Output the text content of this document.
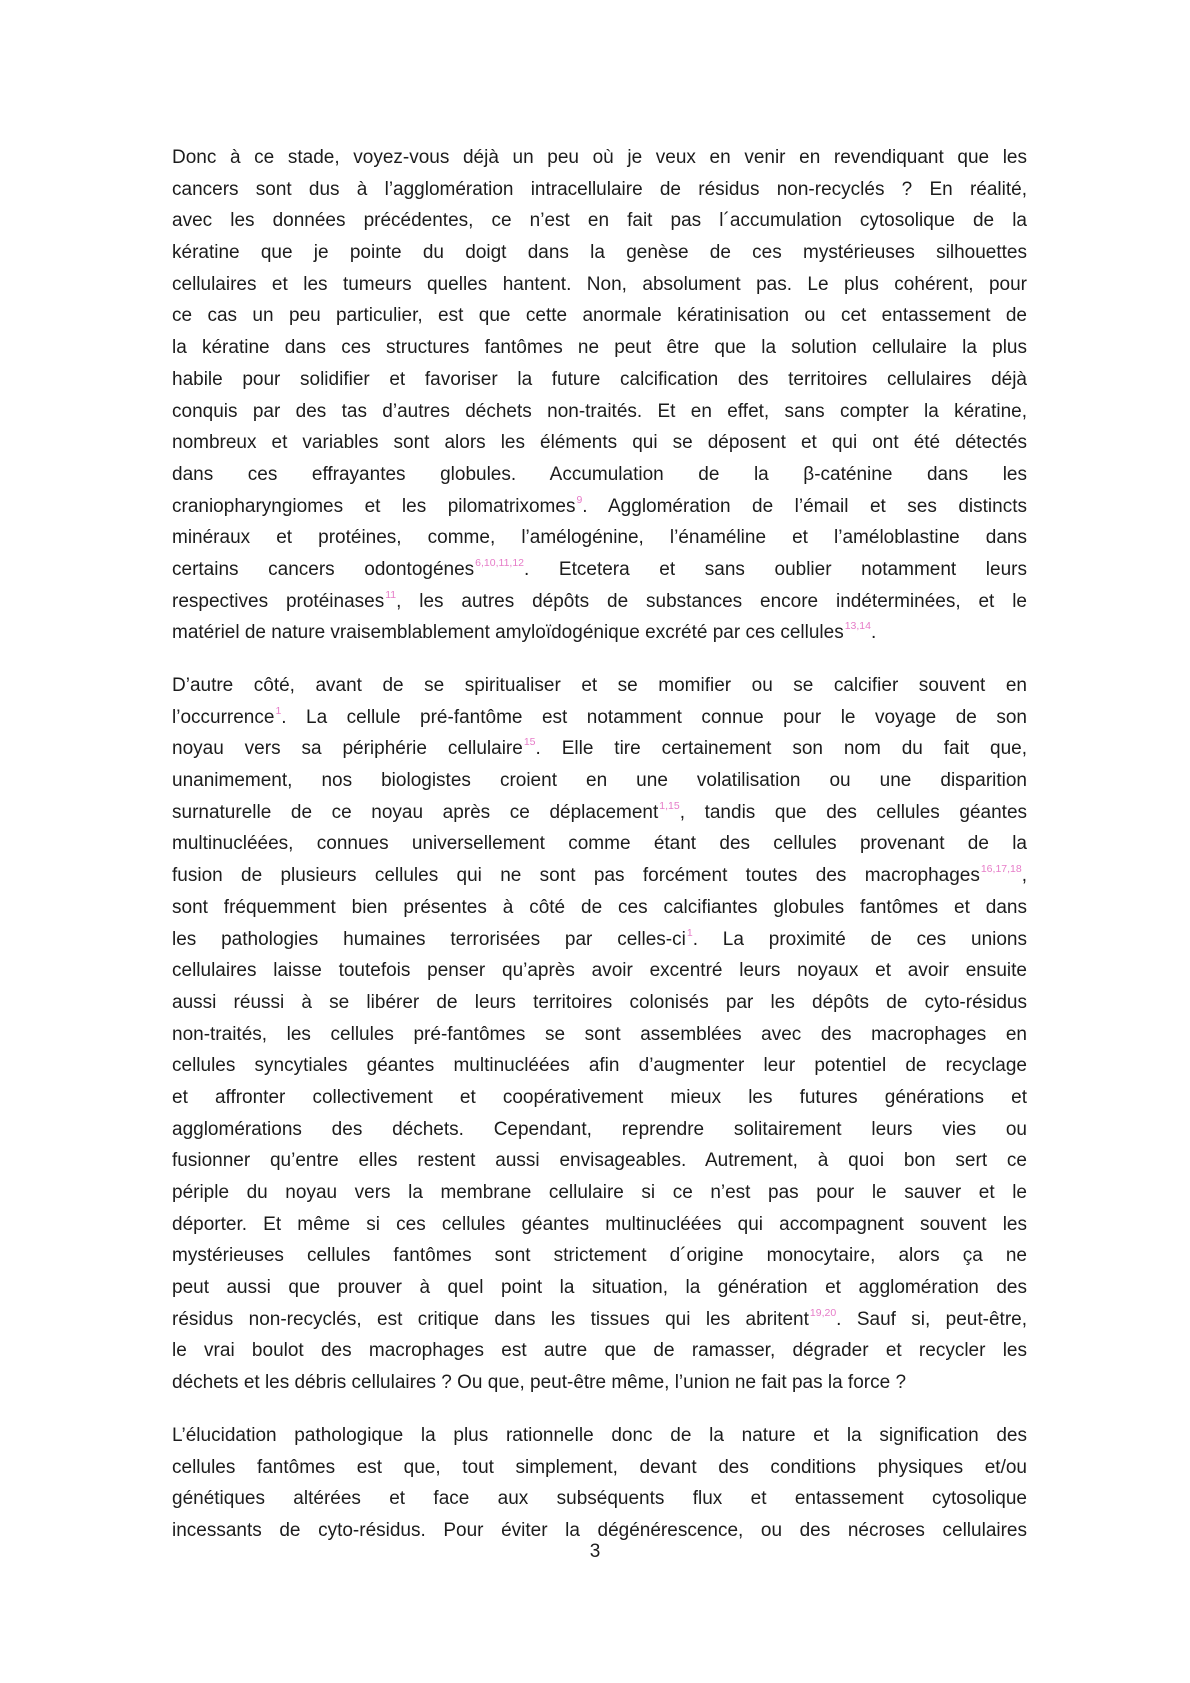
Donc à ce stade, voyez-vous déjà un peu où je veux en venir en revendiquant que les
cancers sont dus à l’agglomération intracellulaire de résidus non-recyclés ? En réalité,
avec les données précédentes, ce n’est en fait pas l´accumulation cytosolique de la
kératine que je pointe du doigt dans la genèse de ces mystérieuses silhouettes
cellulaires et les tumeurs quelles hantent. Non, absolument pas. Le plus cohérent, pour
ce cas un peu particulier, est que cette anormale kératinisation ou cet entassement de
la kératine dans ces structures fantômes ne peut être que la solution cellulaire la plus
habile pour solidifier et favoriser la future calcification des territoires cellulaires déjà
conquis par des tas d’autres déchets non-traités. Et en effet, sans compter la kératine,
nombreux et variables sont alors les éléments qui se déposent et qui ont été détectés
dans ces effrayantes globules. Accumulation de la β-caténine dans les
craniopharyngiomes et les pilomatrixomes$^9$. Agglomération de l’émail et ses distincts
minéraux et protéines, comme, l’amélogénine, l’énaméline et l’améloblastine dans
certains cancers odontogénes$^{6,10,11,12}$. Etcetera et sans oublier notamment leurs
respectives protéinases$^{11}$, les autres dépôts de substances encore indéterminées, et le
matériel de nature vraisemblablement amyloïdogénique excrété par ces cellules$^{13,14}$.
D’autre côté, avant de se spiritualiser et se momifier ou se calcifier souvent en
l’occurrence$^1$. La cellule pré-fantôme est notamment connue pour le voyage de son
noyau vers sa périphérie cellulaire$^{15}$. Elle tire certainement son nom du fait que,
unanimement, nos biologistes croient en une volatilisation ou une disparition
surnaturelle de ce noyau après ce déplacement$^{1,15}$, tandis que des cellules géantes
multinucléées, connues universellement comme étant des cellules provenant de la
fusion de plusieurs cellules qui ne sont pas forcément toutes des macrophages$^{16,17,18}$,
sont fréquemment bien présentes à côté de ces calcifiantes globules fantômes et dans
les pathologies humaines terrorisées par celles-$ci^1$. La proximité de ces unions
cellulaires laisse toutefois penser qu’après avoir excentré leurs noyaux et avoir ensuite
aussi réussi à se libérer de leurs territoires colonisés par les dépôts de cyto-résidus
non-traités, les cellules pré-fantômes se sont assemblées avec des macrophages en
cellules syncytiales géantes multinucléées afin d’augmenter leur potentiel de recyclage
et affronter collectivement et coopérativement mieux les futures générations et
agglomérations des déchets. Cependant, reprendre solitairement leurs vies ou
fusionner qu’entre elles restent aussi envisageables. Autrement, à quoi bon sert ce
périple du noyau vers la membrane cellulaire si ce n’est pas pour le sauver et le
déporter. Et même si ces cellules géantes multinucléées qui accompagnent souvent les
mystérieuses cellules fantômes sont strictement d´origine monocytaire, alors ça ne
peut aussi que prouver à quel point la situation, la génération et agglomération des
résidus non-recyclés, est critique dans les tissues qui les abritent$^{19,20}$. Sauf si, peut-être,
le vrai boulot des macrophages est autre que de ramasser, dégrader et recycler les
déchets et les débris cellulaires ? Ou que, peut-être même, l’union ne fait pas la force ?
L’élucidation pathologique la plus rationnelle donc de la nature et la signification des
cellules fantômes est que, tout simplement, devant des conditions physiques et/ou
génétiques altérées et face aux subséquents flux et entassement cytosolique
incessants de cyto-résidus. Pour éviter la dégénérescence, ou des nécroses cellulaires
3
